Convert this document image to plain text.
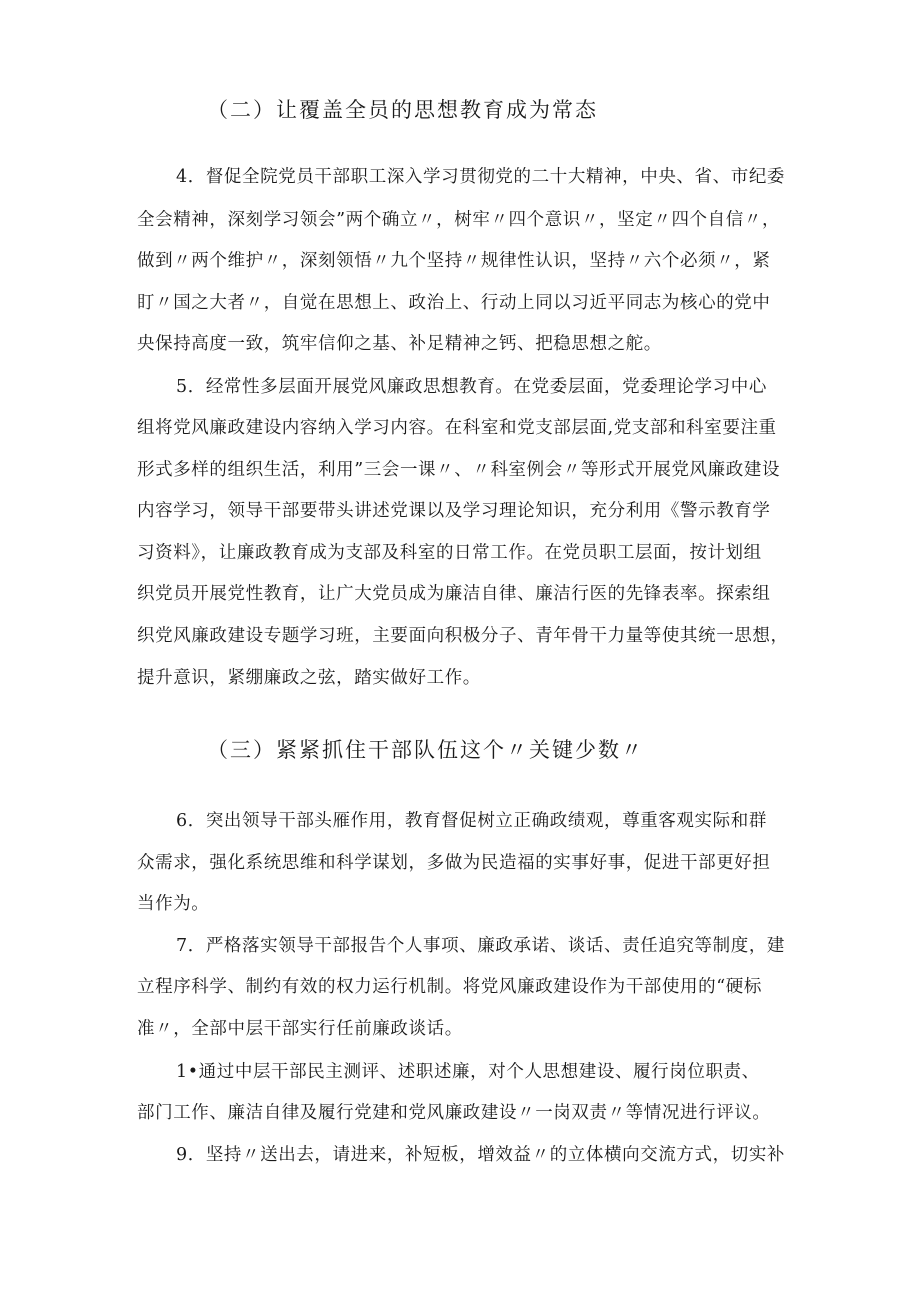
（二）让覆盖全员的思想教育成为常态

4．督促全院党员干部职工深入学习贯彻党的二十大精神，中央、省、市纪委

全会精神，深刻学习领会”两个确立〃，树牢〃四个意识〃，坚定〃四个自信〃，

做到〃两个维护〃，深刻领悟〃九个坚持〃规律性认识，坚持〃六个必须〃，紧

盯〃国之大者〃，自觉在思想上、政治上、行动上同以习近平同志为核心的党中

央保持高度一致，筑牢信仰之基、补足精神之钙、把稳思想之舵。

5．经常性多层面开展党风廉政思想教育。在党委层面，党委理论学习中心

组将党风廉政建设内容纳入学习内容。在科室和党支部层面,党支部和科室要注重

形式多样的组织生活，利用”三会一课〃、〃科室例会〃等形式开展党风廉政建设

内容学习，领导干部要带头讲述党课以及学习理论知识，充分利用《警示教育学

习资料》，让廉政教育成为支部及科室的日常工作。在党员职工层面，按计划组

织党员开展党性教育，让广大党员成为廉洁自律、廉洁行医的先锋表率。探索组

织党风廉政建设专题学习班，主要面向积极分子、青年骨干力量等使其统一思想，

提升意识，紧绷廉政之弦，踏实做好工作。

（三）紧紧抓住干部队伍这个〃关键少数〃

6．突出领导干部头雁作用，教育督促树立正确政绩观，尊重客观实际和群

众需求，强化系统思维和科学谋划，多做为民造福的实事好事，促进干部更好担

当作为。

7．严格落实领导干部报告个人事项、廉政承诺、谈话、责任追究等制度，建

立程序科学、制约有效的权力运行机制。将党风廉政建设作为干部使用的“硬标

准〃，全部中层干部实行任前廉政谈话。

1•通过中层干部民主测评、述职述廉，对个人思想建设、履行岗位职责、

部门工作、廉洁自律及履行党建和党风廉政建设〃一岗双责〃等情况进行评议。

9．坚持〃送出去，请进来，补短板，增效益〃的立体横向交流方式，切实补
